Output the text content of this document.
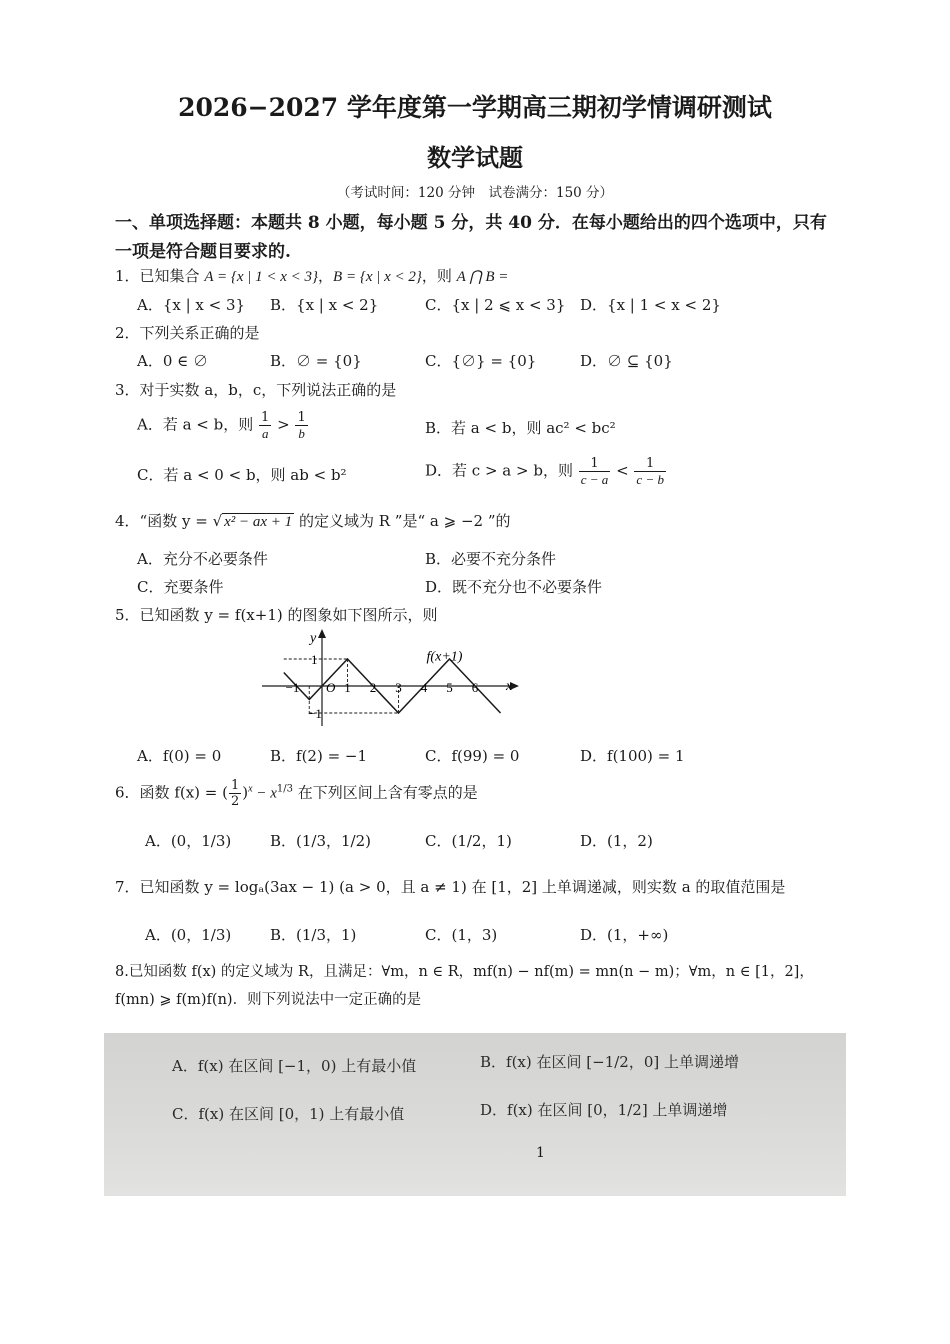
2026−2027 学年度第一学期高三期初学情调研测试
数学试题
（考试时间：120 分钟　试卷满分：150 分）
一、单项选择题：本题共 8 小题，每小题 5 分，共 40 分．在每小题给出的四个选项中，只有
一项是符合题目要求的.
1．已知集合 A = {x | 1 < x < 3}，B = {x | x < 2}，则 A ⋂ B =
A．{x | x < 3} B．{x | x < 2}	C．{x | 2 ⩽ x < 3} D．{x | 1 < x < 2}
2．下列关系正确的是
A．0 ∈ ∅	B．∅ = {0}	C．{∅} = {0}	D．∅ ⊆ {0}
3．对于实数 a，b，c，下列说法正确的是
A．若 a < b，则 $\frac{1}{a} > \frac{1}{b}$	B．若 a < b，则 ac² < bc²
C．若 a < 0 < b，则 ab < b²	D．若 c > a > b，则 $\frac{1}{c - a} < \frac{1}{c - b}$
4．“函数 y = √ x² − ax + 1 的定义域为 R ”是“ a ⩾ −2 ”的
A．充分不必要条件	B．必要不充分条件
C．充要条件	D．既不充分也不必要条件
5．已知函数 y = f(x+1) 的图象如下图所示，则
f(x+1)
x
y
O
1
−1
−1	1 2 3 4 5 6
A．f(0) = 0	B．f(2) = −1	C．f(99) = 0	D．f(100) = 1
6．函数 f(x) = ( $\frac{1}{2} )^x - x^{1/3}$ 在下列区间上含有零点的是
A．(0，1/3)	B．(1/3，1/2)	C．(1/2，1)	D．(1，2)
7．已知函数 y = logₐ(3ax − 1) (a > 0，且 a ≠ 1) 在 [1，2] 上单调递减，则实数 a 的取值范围是
A．(0，1/3)	B．(1/3，1)	C．(1，3)	D．(1，+∞)
8.已知函数 f(x) 的定义域为 R，且满足：∀m，n ∈ R，mf(n) − nf(m) = mn(n − m)；∀m，n ∈ [1，2]，
f(mn) ⩾ f(m)f(n)．则下列说法中一定正确的是
A．f(x) 在区间 [−1，0) 上有最小值	B．f(x) 在区间 [−1/2，0] 上单调递增
C．f(x) 在区间 [0，1) 上有最小值	D．f(x) 在区间 [0，1/2] 上单调递增
1
